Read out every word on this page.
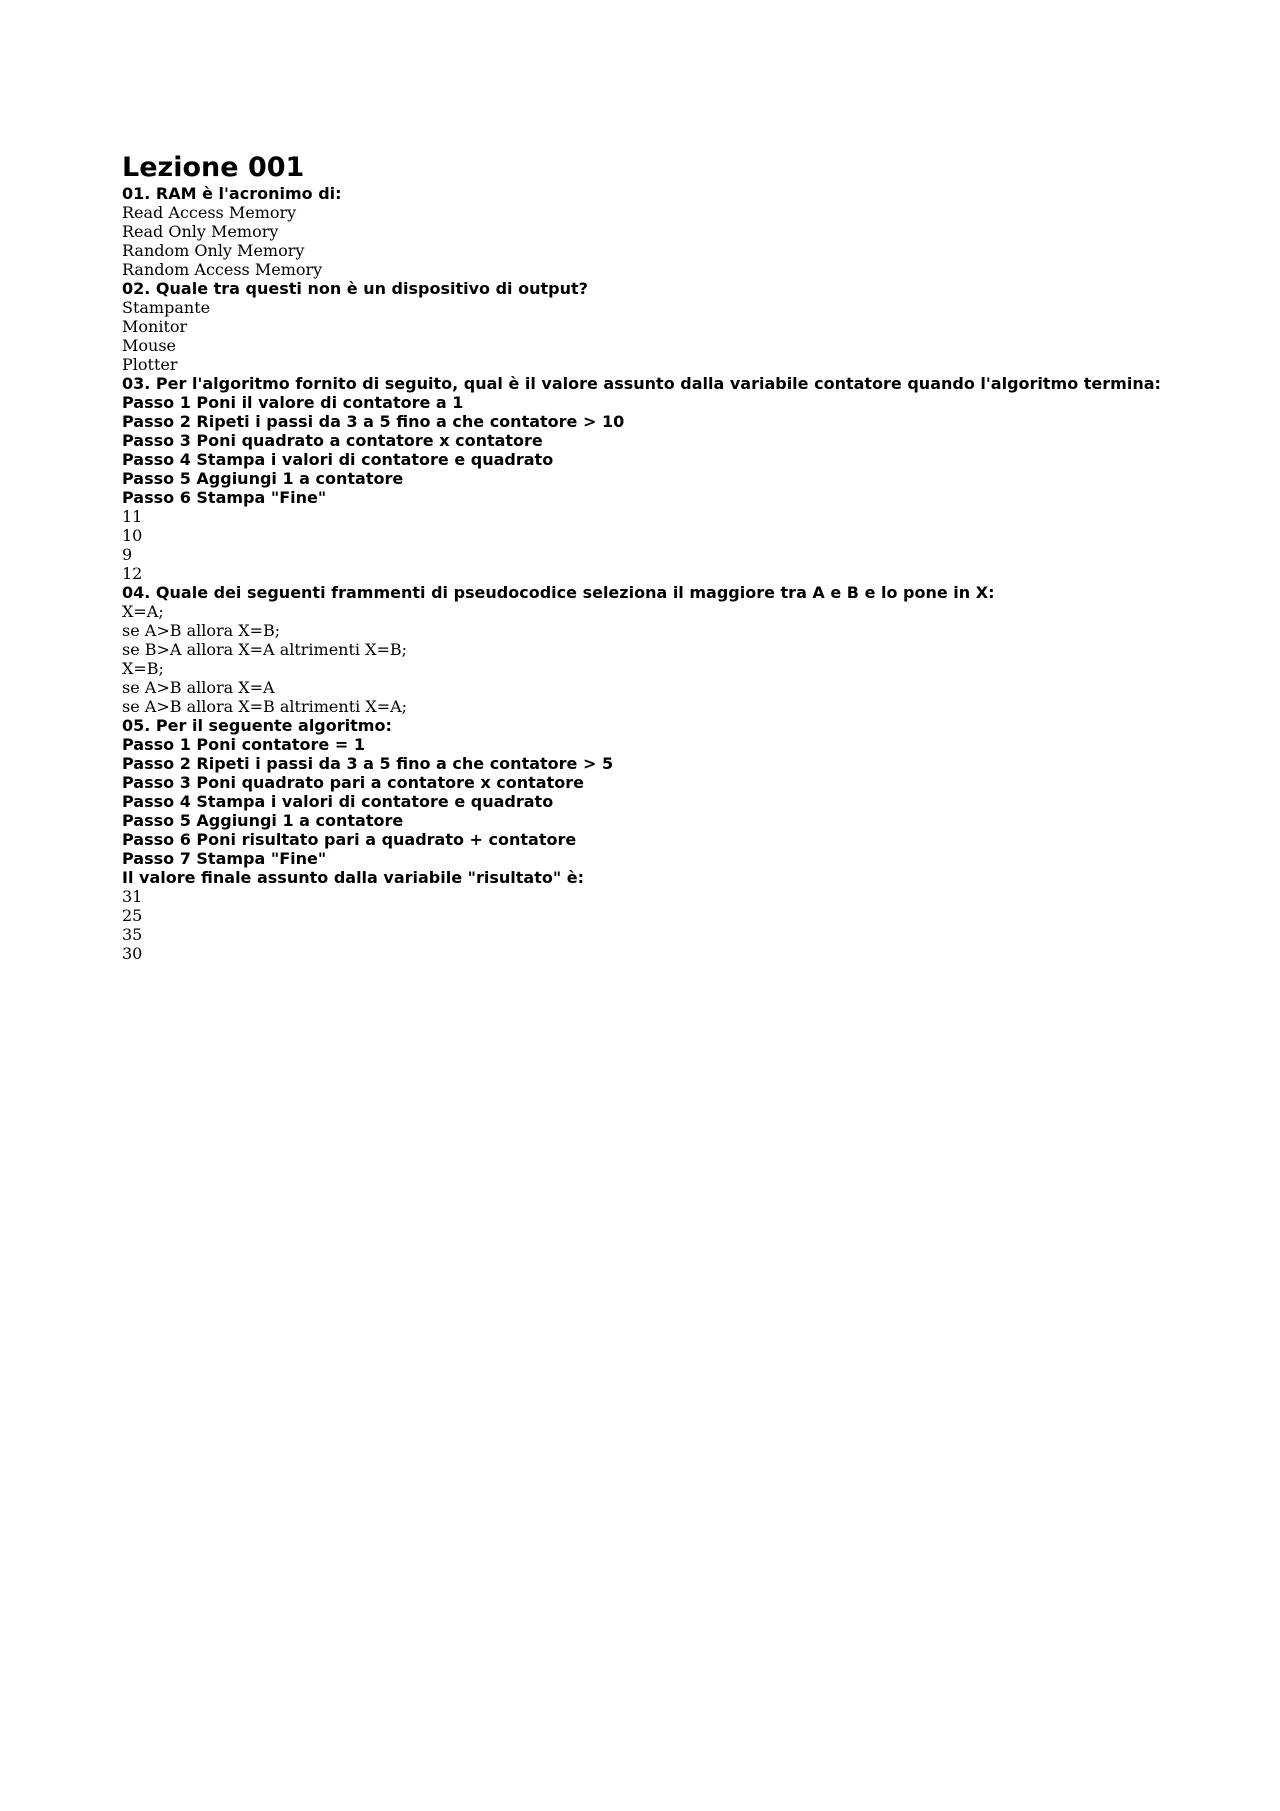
Lezione 001
01. RAM è l'acronimo di:
Read Access Memory
Read Only Memory
Random Only Memory
Random Access Memory
02. Quale tra questi non è un dispositivo di output?
Stampante
Monitor
Mouse
Plotter
03. Per l'algoritmo fornito di seguito, qual è il valore assunto dalla variabile contatore quando l'algoritmo termina:
Passo 1 Poni il valore di contatore a 1
Passo 2 Ripeti i passi da 3 a 5 fino a che contatore > 10
Passo 3 Poni quadrato a contatore x contatore
Passo 4 Stampa i valori di contatore e quadrato
Passo 5 Aggiungi 1 a contatore
Passo 6 Stampa "Fine"
11
10
9
12
04. Quale dei seguenti frammenti di pseudocodice seleziona il maggiore tra A e B e lo pone in X:
X=A;
se A>B allora X=B;
se B>A allora X=A altrimenti X=B;
X=B;
se A>B allora X=A
se A>B allora X=B altrimenti X=A;
05. Per il seguente algoritmo:
Passo 1 Poni contatore = 1
Passo 2 Ripeti i passi da 3 a 5 fino a che contatore > 5
Passo 3 Poni quadrato pari a contatore x contatore
Passo 4 Stampa i valori di contatore e quadrato
Passo 5 Aggiungi 1 a contatore
Passo 6 Poni risultato pari a quadrato + contatore
Passo 7 Stampa "Fine"
Il valore finale assunto dalla variabile "risultato" è:
31
25
35
30
